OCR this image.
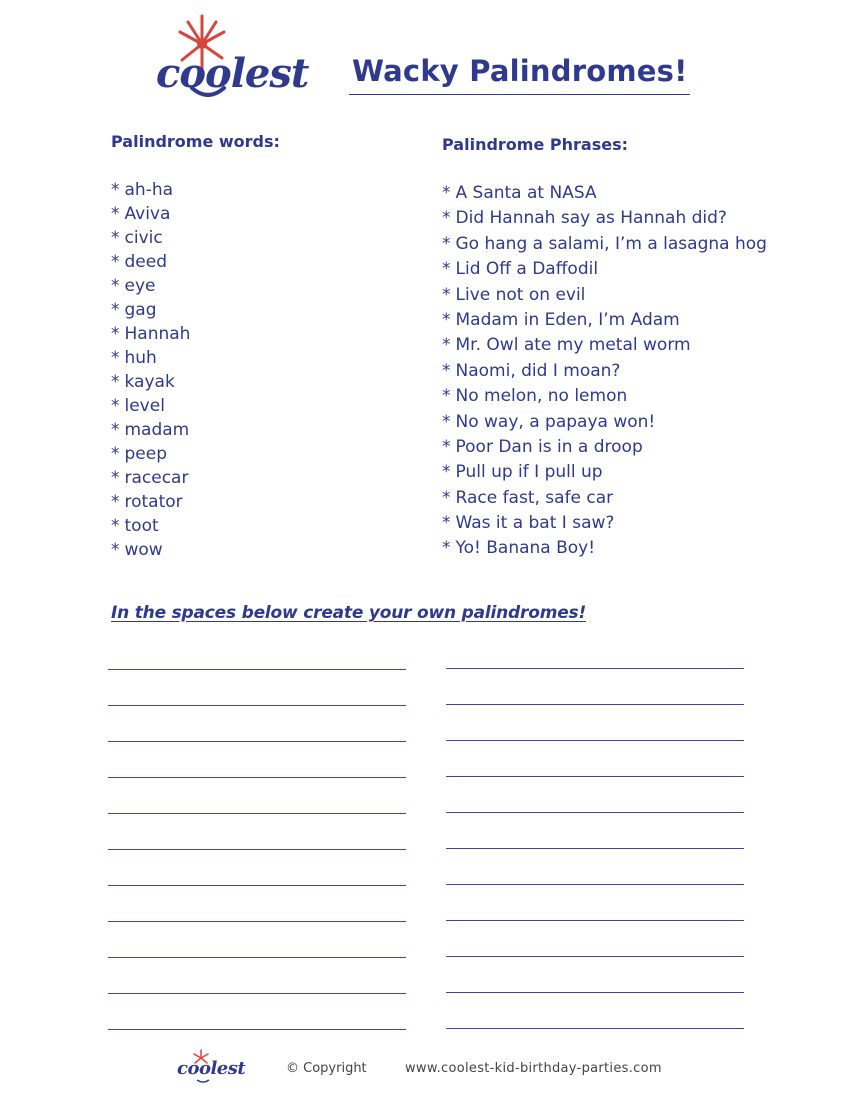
coolest Wacky Palindromes!
Palindrome words:
* ah-ha
* Aviva
* civic
* deed
* eye
* gag
* Hannah
* huh
* kayak
* level
* madam
* peep
* racecar
* rotator
* toot
* wow
Palindrome Phrases:
* A Santa at NASA
* Did Hannah say as Hannah did?
* Go hang a salami, I’m a lasagna hog
* Lid Off a Daffodil
* Live not on evil
* Madam in Eden, I’m Adam
* Mr. Owl ate my metal worm
* Naomi, did I moan?
* No melon, no lemon
* No way, a papaya won!
* Poor Dan is in a droop
* Pull up if I pull up
* Race fast, safe car
* Was it a bat I saw?
* Yo! Banana Boy!
In the spaces below create your own palindromes!
coolest	© Copyright	www.coolest-kid-birthday-parties.com
